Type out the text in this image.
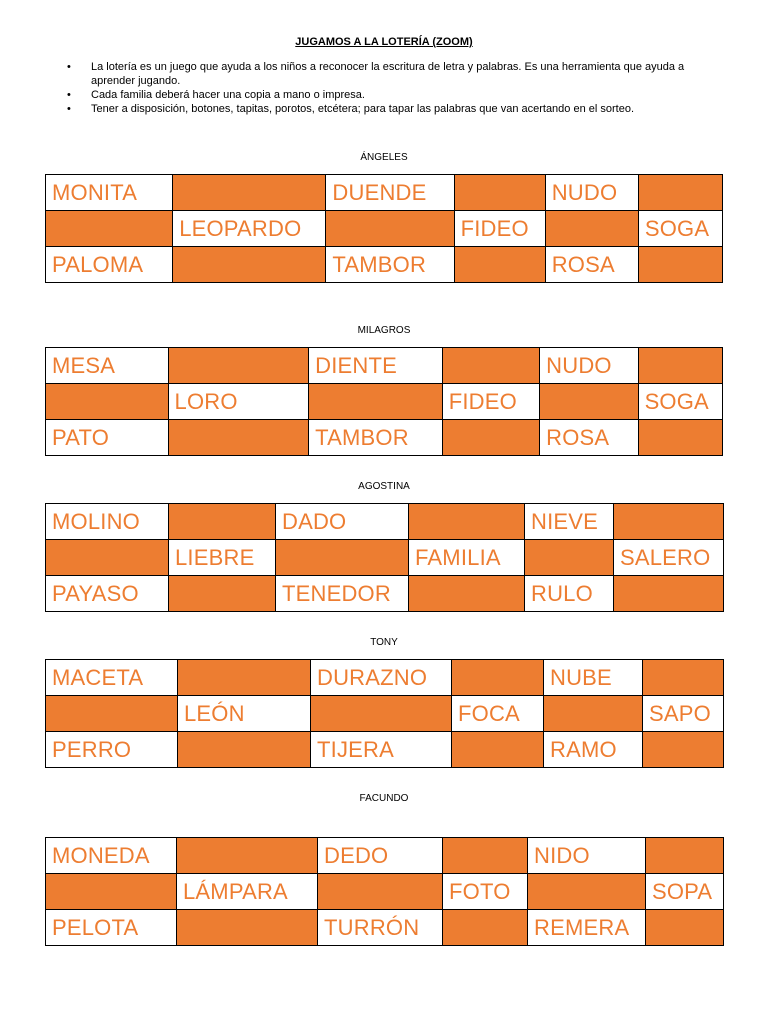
JUGAMOS A LA LOTERÍA (ZOOM)
• La lotería es un juego que ayuda a los niños a reconocer la escritura de letra y palabras. Es una herramienta que ayuda a aprender jugando.
• Cada familia deberá hacer una copia a mano o impresa.
• Tener a disposición, botones, tapitas, porotos, etcétera; para tapar las palabras que van acertando en el sorteo.
ÁNGELES
MONITA		DUENDE		NUDO	
	LEOPARDO		FIDEO		SOGA
PALOMA		TAMBOR		ROSA	
MILAGROS
MESA		DIENTE		NUDO	
	LORO		FIDEO		SOGA
PATO		TAMBOR		ROSA	
AGOSTINA
MOLINO		DADO		NIEVE	
	LIEBRE		FAMILIA		SALERO
PAYASO		TENEDOR		RULO	
TONY
MACETA		DURAZNO		NUBE	
	LEÓN		FOCA		SAPO
PERRO		TIJERA		RAMO	
FACUNDO
MONEDA		DEDO		NIDO	
	LÁMPARA		FOTO		SOPA
PELOTA		TURRÓN		REMERA	
